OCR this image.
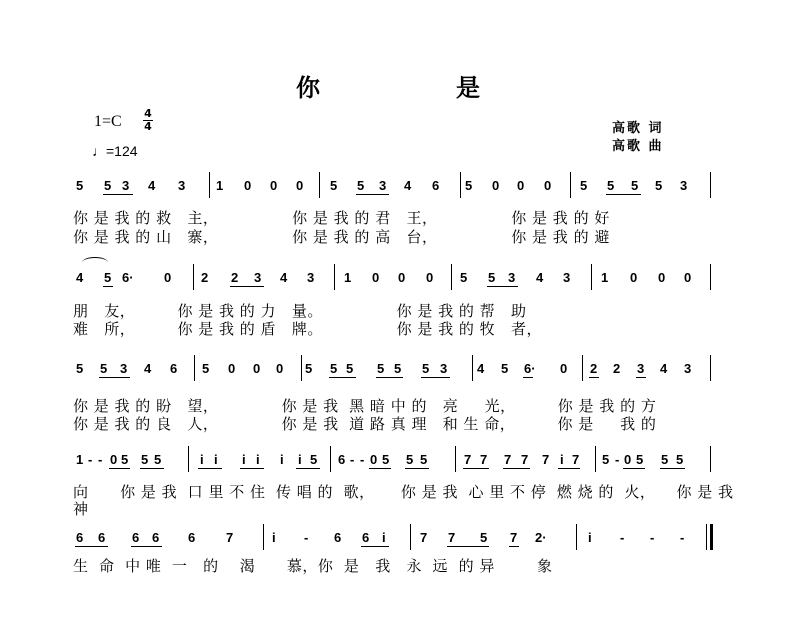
你	是
1=C 4
4
♩=124
高歌 词
高歌 曲
5 5 3 4 3 1 0 0 0 5 5 3 4 6 5 0 0 0 5 5 5 5 3
你 是 我 的 救   主，              你 是 我 的 君   王，              你 是 我 的 好
你 是 我 的 山   寨，              你 是 我 的 高   台，              你 是 我 的 避
4 5 6· 0 2 2 3 4 3 1 0 0 0 5 5 3 4 3 1 0 0 0
朋   友，        你 是 我 的 力   量。              你 是 我 的 帮   助
难   所，        你 是 我 的 盾   牌。              你 是 我 的 牧   者，
5 5 3 4 6 5 0 0 0 5 5 5 5 5 5 3 4 5 6· 0 2 2 3 4 3
你 是 我 的 盼   望，            你 是 我  黑 暗 中 的   亮     光，        你 是 我 的 方
你 是 我 的 良   人，            你 是 我  道 路 真 理   和 生 命，        你 是     我 的
1 - - 0 5 5 5	i i i i i i 5 6 - - 0 5 5 5	7 7 7 7 7 i 7 5 - 0 5 5 5
向      你 是 我  口 里 不 住  传 唱 的  歌，     你 是 我  心 里 不 停  燃 烧 的  火，    你 是 我
神
6 6 6 6 6 7	i - 6 6 i	7 7 5 7 2·	i - - -
生  命  中 唯  一   的    渴      慕，你  是   我   永  远  的 异        象
